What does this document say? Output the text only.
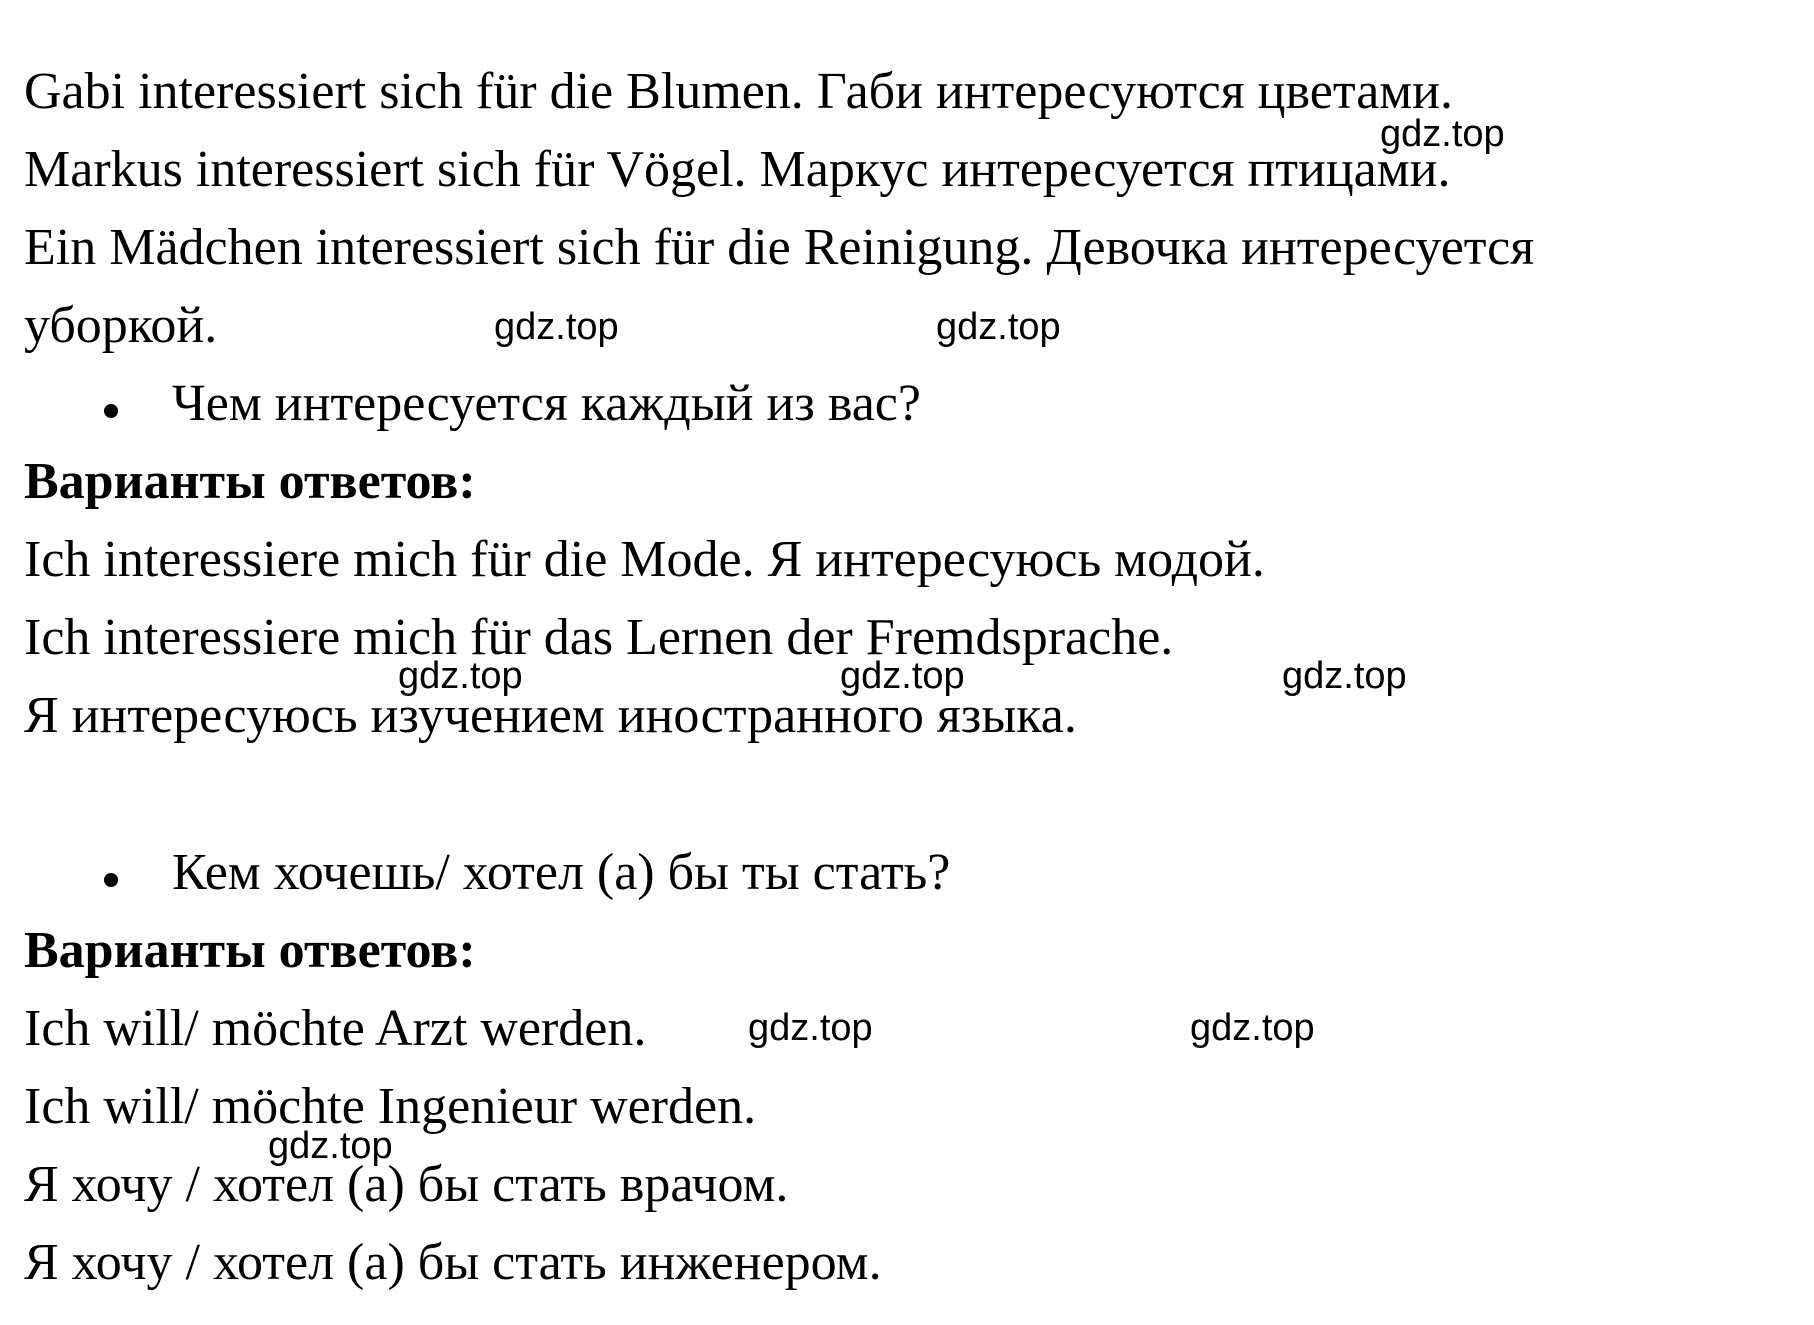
Gabi interessiert sich für die Blumen. Габи интересуются цветами.
Markus interessiert sich für Vögel. Маркус интересуется птицами.
Ein Mädchen interessiert sich für die Reinigung. Девочка интересуется
уборкой.
Чем интересуется каждый из вас?
Варианты ответов:
Ich interessiere mich für die Mode. Я интересуюсь модой.
Ich interessiere mich für das Lernen der Fremdsprache.
Я интересуюсь изучением иностранного языка.
Кем хочешь/ хотел (а) бы ты стать?
Варианты ответов:
Ich will/ möchte Arzt werden.
Ich will/ möchte Ingenieur werden.
Я хочу / хотел (а) бы стать врачом.
Я хочу / хотел (а) бы стать инженером.
gdz.top
gdz.top	gdz.top
gdz.top	gdz.top	gdz.top
gdz.top	gdz.top
gdz.top
